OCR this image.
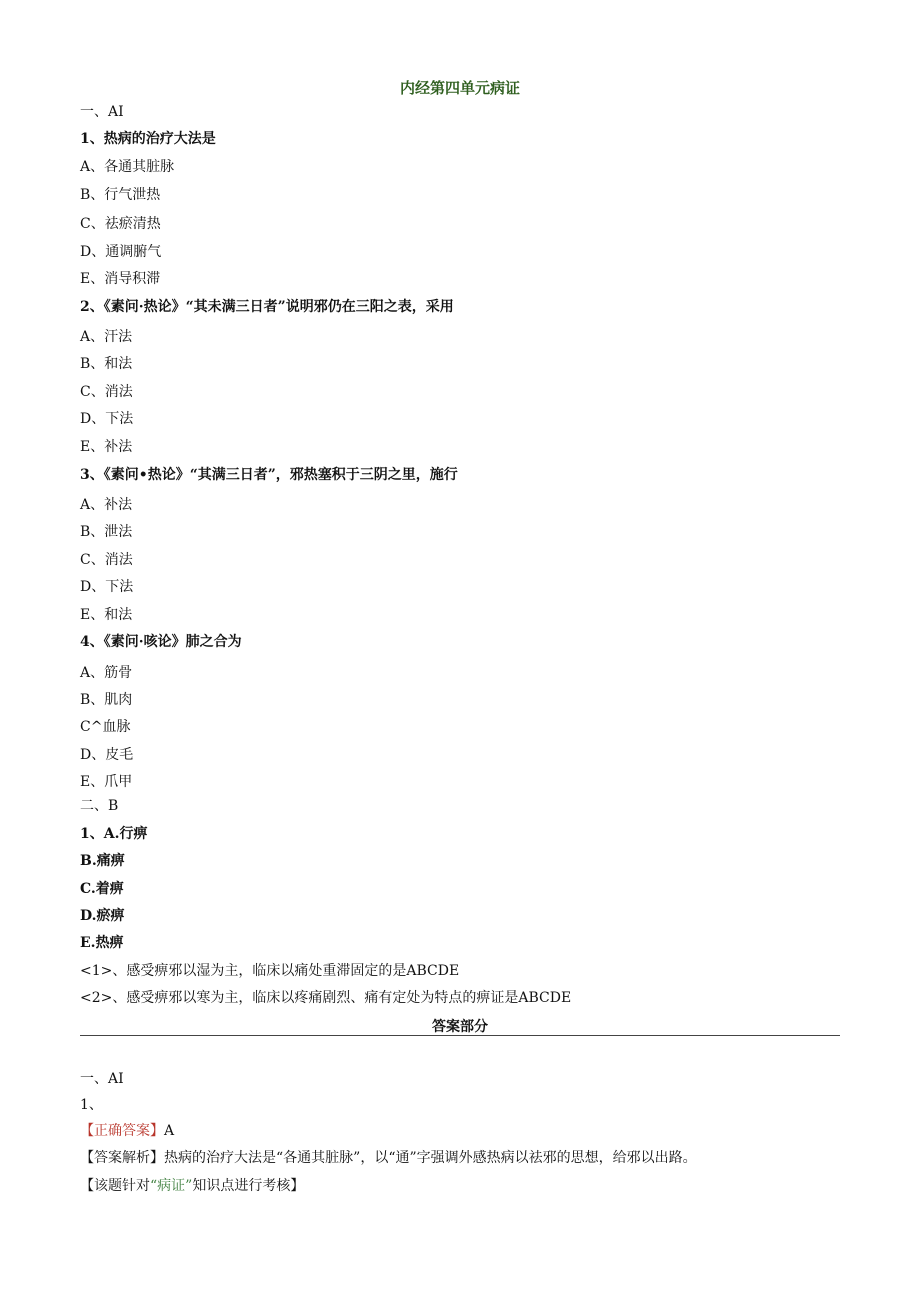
内经第四单元病证
一、AI
1、热病的治疗大法是
A、各通其脏脉
B、行气泄热
C、祛瘀清热
D、通调腑气
E、消导积滞
2、《素问·热论》“其未满三日者”说明邪仍在三阳之表，采用
A、汗法
B、和法
C、消法
D、下法
E、补法
3、《素问•热论》“其满三日者”，邪热塞积于三阴之里，施行
A、补法
B、泄法
C、消法
D、下法
E、和法
4、《素问·咳论》肺之合为
A、筋骨
B、肌肉
C^血脉
D、皮毛
E、爪甲
二、B
1、A.行痹
B.痛痹
C.着痹
D.瘀痹
E.热痹
<1>、感受痹邪以湿为主，临床以痛处重滞固定的是ABCDE
<2>、感受痹邪以寒为主，临床以疼痛剧烈、痛有定处为特点的痹证是ABCDE
答案部分
一、AI
1、
【正确答案】A
【答案解析】热病的治疗大法是“各通其脏脉”，以“通”字强调外感热病以祛邪的思想，给邪以出路。
【该题针对“病证”知识点进行考核】
